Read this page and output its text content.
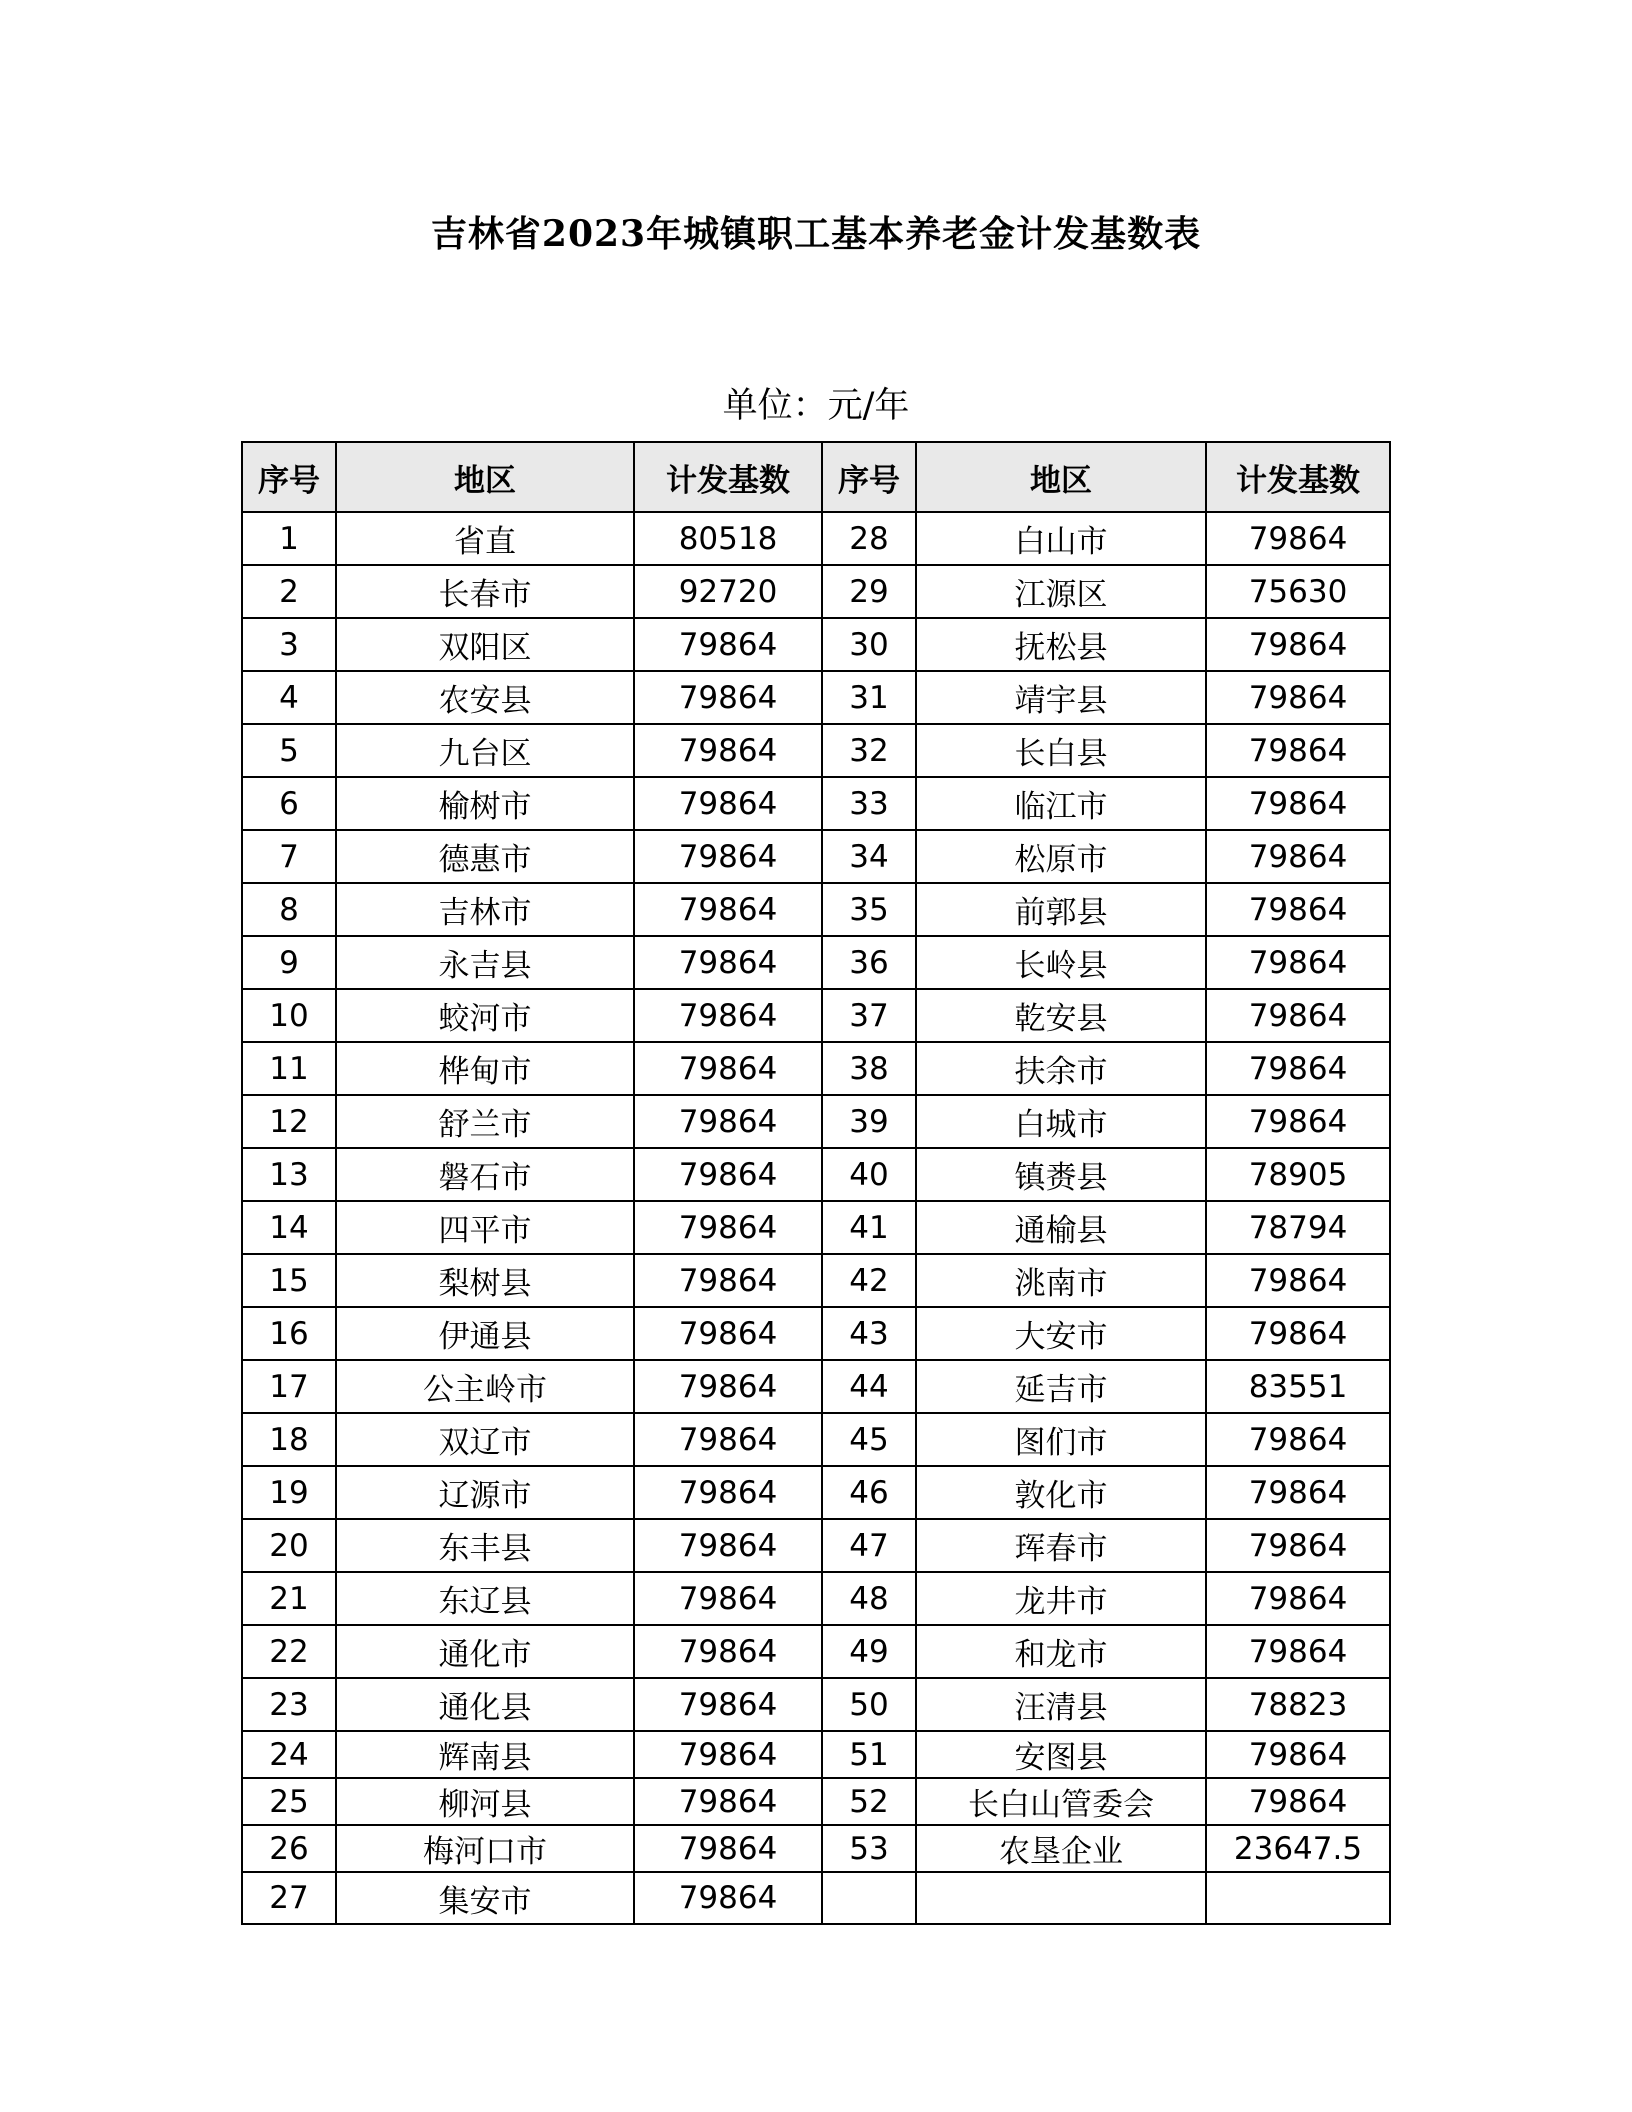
吉林省2023年城镇职工基本养老金计发基数表
单位：元/年
序号	地区	计发基数	序号	地区	计发基数
1	省直	80518	28	白山市	79864
2	长春市	92720	29	江源区	75630
3	双阳区	79864	30	抚松县	79864
4	农安县	79864	31	靖宇县	79864
5	九台区	79864	32	长白县	79864
6	榆树市	79864	33	临江市	79864
7	德惠市	79864	34	松原市	79864
8	吉林市	79864	35	前郭县	79864
9	永吉县	79864	36	长岭县	79864
10	蛟河市	79864	37	乾安县	79864
11	桦甸市	79864	38	扶余市	79864
12	舒兰市	79864	39	白城市	79864
13	磐石市	79864	40	镇赉县	78905
14	四平市	79864	41	通榆县	78794
15	梨树县	79864	42	洮南市	79864
16	伊通县	79864	43	大安市	79864
17	公主岭市	79864	44	延吉市	83551
18	双辽市	79864	45	图们市	79864
19	辽源市	79864	46	敦化市	79864
20	东丰县	79864	47	珲春市	79864
21	东辽县	79864	48	龙井市	79864
22	通化市	79864	49	和龙市	79864
23	通化县	79864	50	汪清县	78823
24	辉南县	79864	51	安图县	79864
25	柳河县	79864	52	长白山管委会	79864
26	梅河口市	79864	53	农垦企业	23647.5
27	集安市	79864			
